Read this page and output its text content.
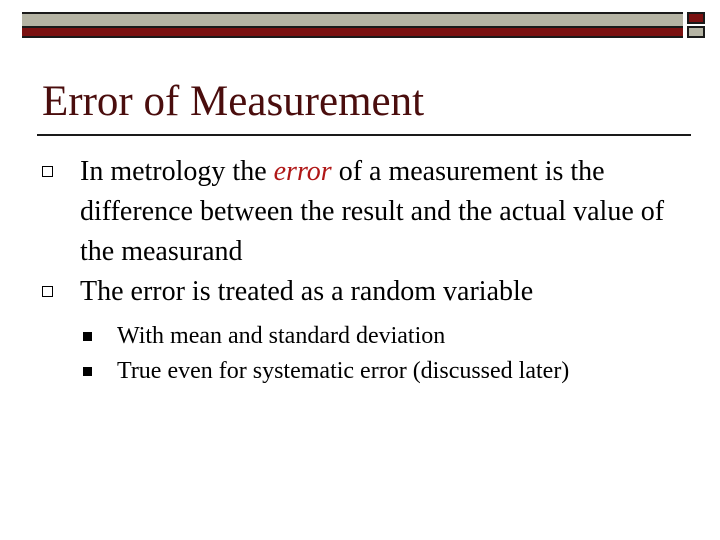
Error of Measurement
In metrology the error of a measurement is the difference between the result and the actual value of the measurand
The error is treated as a random variable
With mean and standard deviation
True even for systematic error (discussed later)
